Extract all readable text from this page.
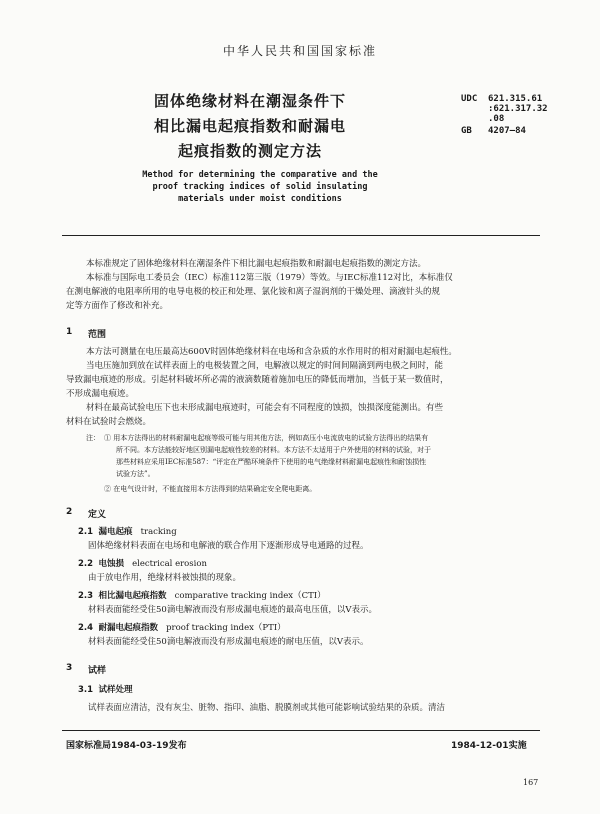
中华人民共和国国家标准
固体绝缘材料在潮湿条件下
相比漏电起痕指数和耐漏电
起痕指数的测定方法
UDC 621.315.61
:621.317.32
.08
GB 4207—84
Method for determining the comparative and the
proof tracking indices of solid insulating
materials under moist conditions
本标准规定了固体绝缘材料在潮湿条件下相比漏电起痕指数和耐漏电起痕指数的测定方法。
本标准与国际电工委员会（IEC）标准112第三版（1979）等效。与IEC标准112对比，本标准仅
在测电解液的电阻率所用的电导电极的校正和处理、氯化铵和离子湿润剂的干燥处理、滴液针头的规
定等方面作了修改和补充。
1 范围
本方法可测量在电压最高达600V时固体绝缘材料在电场和含杂质的水作用时的相对耐漏电起痕性。
当电压施加到放在试样表面上的电极装置之间，电解液以规定的时间间隔滴到两电极之间时，能
导致漏电痕迹的形成。引起材料破坏所必需的液滴数随着施加电压的降低而增加，当低于某一数值时，
不形成漏电痕迹。
材料在最高试验电压下也未形成漏电痕迹时，可能会有不同程度的蚀损，蚀损深度能测出。有些
材料在试验时会燃烧。
注： ① 用本方法得出的材料耐漏电起痕等级可能与用其他方法，例如高压小电流放电的试验方法得出的结果有
所不同。本方法能较好地区别漏电起痕性较差的材料。本方法不太适用于户外使用的材料的试验，对于
那些材料应采用IEC标准587：“评定在严酷环境条件下使用的电气绝缘材料耐漏电起痕性和耐蚀损性
试验方法”。
② 在电气设计时，不能直接用本方法得到的结果确定安全爬电距离。
2 定义
2.1 漏电起痕 tracking
固体绝缘材料表面在电场和电解液的联合作用下逐渐形成导电通路的过程。
2.2 电蚀损 electrical erosion
由于放电作用，绝缘材料被蚀损的现象。
2.3 相比漏电起痕指数 comparative tracking index（CTI）
材料表面能经受住50滴电解液而没有形成漏电痕迹的最高电压值，以V表示。
2.4 耐漏电起痕指数 proof tracking index（PTI）
材料表面能经受住50滴电解液而没有形成漏电痕迹的耐电压值，以V表示。
3 试样
3.1 试样处理
试样表面应清洁，没有灰尘、脏物、指印、油脂、脱膜剂或其他可能影响试验结果的杂质。清洁
国家标准局1984-03-19发布	1984-12-01实施
167
